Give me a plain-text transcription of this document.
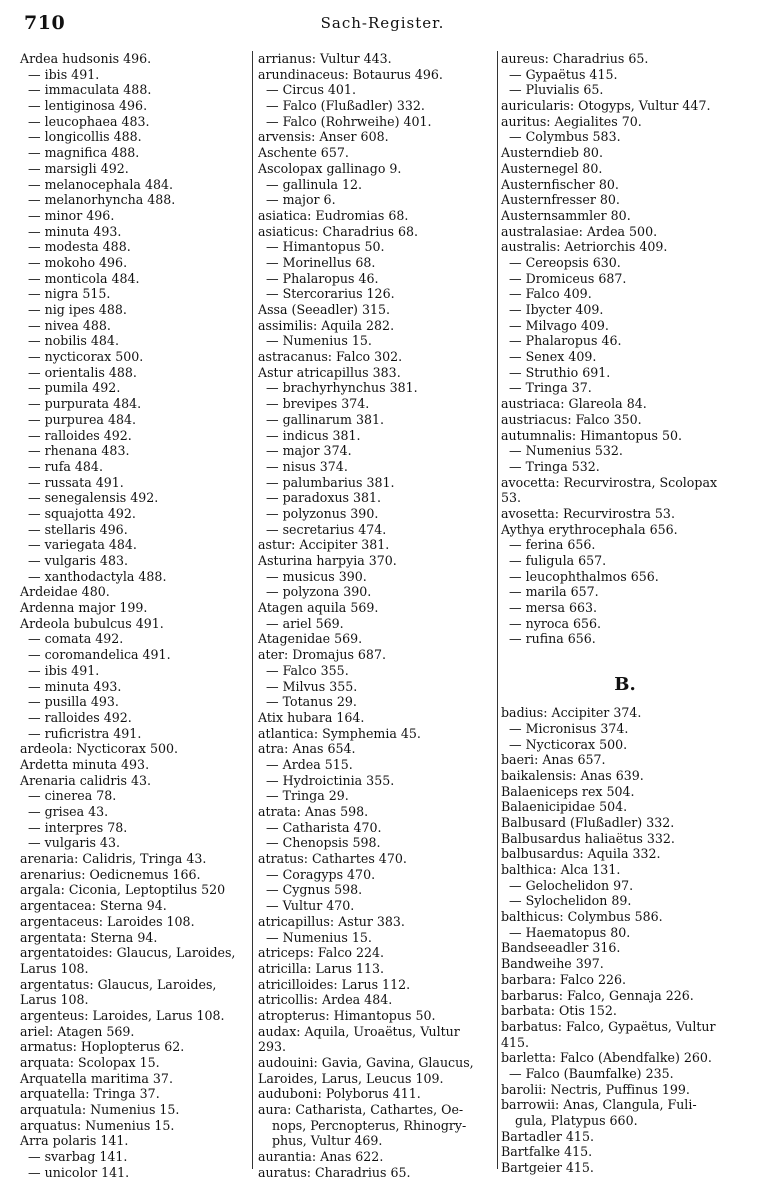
710	Sach-Register.
Ardea hudsonis 496.
— ibis 491.
— immaculata 488.
— lentiginosa 496.
— leucophaea 483.
— longicollis 488.
— magnifica 488.
— marsigli 492.
— melanocephala 484.
— melanorhyncha 488.
— minor 496.
— minuta 493.
— modesta 488.
— mokoho 496.
— monticola 484.
— nigra 515.
— nig ipes 488.
— nivea 488.
— nobilis 484.
— nycticorax 500.
— orientalis 488.
— pumila 492.
— purpurata 484.
— purpurea 484.
— ralloides 492.
— rhenana 483.
— rufa 484.
— russata 491.
— senegalensis 492.
— squajotta 492.
— stellaris 496.
— variegata 484.
— vulgaris 483.
— xanthodactyla 488.
Ardeidae 480.
Ardenna major 199.
Ardeola bubulcus 491.
— comata 492.
— coromandelica 491.
— ibis 491.
— minuta 493.
— pusilla 493.
— ralloides 492.
— ruficristra 491.
ardeola: Nycticorax 500.
Ardetta minuta 493.
Arenaria calidris 43.
— cinerea 78.
— grisea 43.
— interpres 78.
— vulgaris 43.
arenaria: Calidris, Tringa 43.
arenarius: Oedicnemus 166.
argala: Ciconia, Leptoptilus 520
argentacea: Sterna 94.
argentaceus: Laroides 108.
argentata: Sterna 94.
argentatoides: Glaucus, Laroides,
Larus 108.
argentatus: Glaucus, Laroides,
Larus 108.
argenteus: Laroides, Larus 108.
ariel: Atagen 569.
armatus: Hoplopterus 62.
arquata: Scolopax 15.
Arquatella maritima 37.
arquatella: Tringa 37.
arquatula: Numenius 15.
arquatus: Numenius 15.
Arra polaris 141.
— svarbag 141.
— unicolor 141.
arrianus: Vultur 443.
arundinaceus: Botaurus 496.
— Circus 401.
— Falco (Flußadler) 332.
— Falco (Rohrweihe) 401.
arvensis: Anser 608.
Aschente 657.
Ascolopax gallinago 9.
— gallinula 12.
— major 6.
asiatica: Eudromias 68.
asiaticus: Charadrius 68.
— Himantopus 50.
— Morinellus 68.
— Phalaropus 46.
— Stercorarius 126.
Assa (Seeadler) 315.
assimilis: Aquila 282.
— Numenius 15.
astracanus: Falco 302.
Astur atricapillus 383.
— brachyrhynchus 381.
— brevipes 374.
— gallinarum 381.
— indicus 381.
— major 374.
— nisus 374.
— palumbarius 381.
— paradoxus 381.
— polyzonus 390.
— secretarius 474.
astur: Accipiter 381.
Asturina harpyia 370.
— musicus 390.
— polyzona 390.
Atagen aquila 569.
— ariel 569.
Atagenidae 569.
ater: Dromajus 687.
— Falco 355.
— Milvus 355.
— Totanus 29.
Atix hubara 164.
atlantica: Symphemia 45.
atra: Anas 654.
— Ardea 515.
— Hydroictinia 355.
— Tringa 29.
atrata: Anas 598.
— Catharista 470.
— Chenopsis 598.
atratus: Cathartes 470.
— Coragyps 470.
— Cygnus 598.
— Vultur 470.
atricapillus: Astur 383.
— Numenius 15.
atriceps: Falco 224.
atricilla: Larus 113.
atricilloides: Larus 112.
atricollis: Ardea 484.
atropterus: Himantopus 50.
audax: Aquila, Uroaëtus, Vultur
293.
audouini: Gavia, Gavina, Glaucus,
Laroides, Larus, Leucus 109.
auduboni: Polyborus 411.
aura: Catharista, Cathartes, Oe-
nops, Percnopterus, Rhinogry-
phus, Vultur 469.
aurantia: Anas 622.
auratus: Charadrius 65.
aureus: Charadrius 65.
— Gypaëtus 415.
— Pluvialis 65.
auricularis: Otogyps, Vultur 447.
auritus: Aegialites 70.
— Colymbus 583.
Austerndieb 80.
Austernegel 80.
Austernfischer 80.
Austernfresser 80.
Austernsammler 80.
australasiae: Ardea 500.
australis: Aetriorchis 409.
— Cereopsis 630.
— Dromiceus 687.
— Falco 409.
— Ibycter 409.
— Milvago 409.
— Phalaropus 46.
— Senex 409.
— Struthio 691.
— Tringa 37.
austriaca: Glareola 84.
austriacus: Falco 350.
autumnalis: Himantopus 50.
— Numenius 532.
— Tringa 532.
avocetta: Recurvirostra, Scolopax
53.
avosetta: Recurvirostra 53.
Aythya erythrocephala 656.
— ferina 656.
— fuligula 657.
— leucophthalmos 656.
— marila 657.
— mersa 663.
— nyroca 656.
— rufina 656.
B.
badius: Accipiter 374.
— Micronisus 374.
— Nycticorax 500.
baeri: Anas 657.
baikalensis: Anas 639.
Balaeniceps rex 504.
Balaenicipidae 504.
Balbusard (Flußadler) 332.
Balbusardus haliaëtus 332.
balbusardus: Aquila 332.
balthica: Alca 131.
— Gelochelidon 97.
— Sylochelidon 89.
balthicus: Colymbus 586.
— Haematopus 80.
Bandseeadler 316.
Bandweihe 397.
barbara: Falco 226.
barbarus: Falco, Gennaja 226.
barbata: Otis 152.
barbatus: Falco, Gypaëtus, Vultur
415.
barletta: Falco (Abendfalke) 260.
— Falco (Baumfalke) 235.
barolii: Nectris, Puffinus 199.
barrowii: Anas, Clangula, Fuli-
gula, Platypus 660.
Bartadler 415.
Bartfalke 415.
Bartgeier 415.
